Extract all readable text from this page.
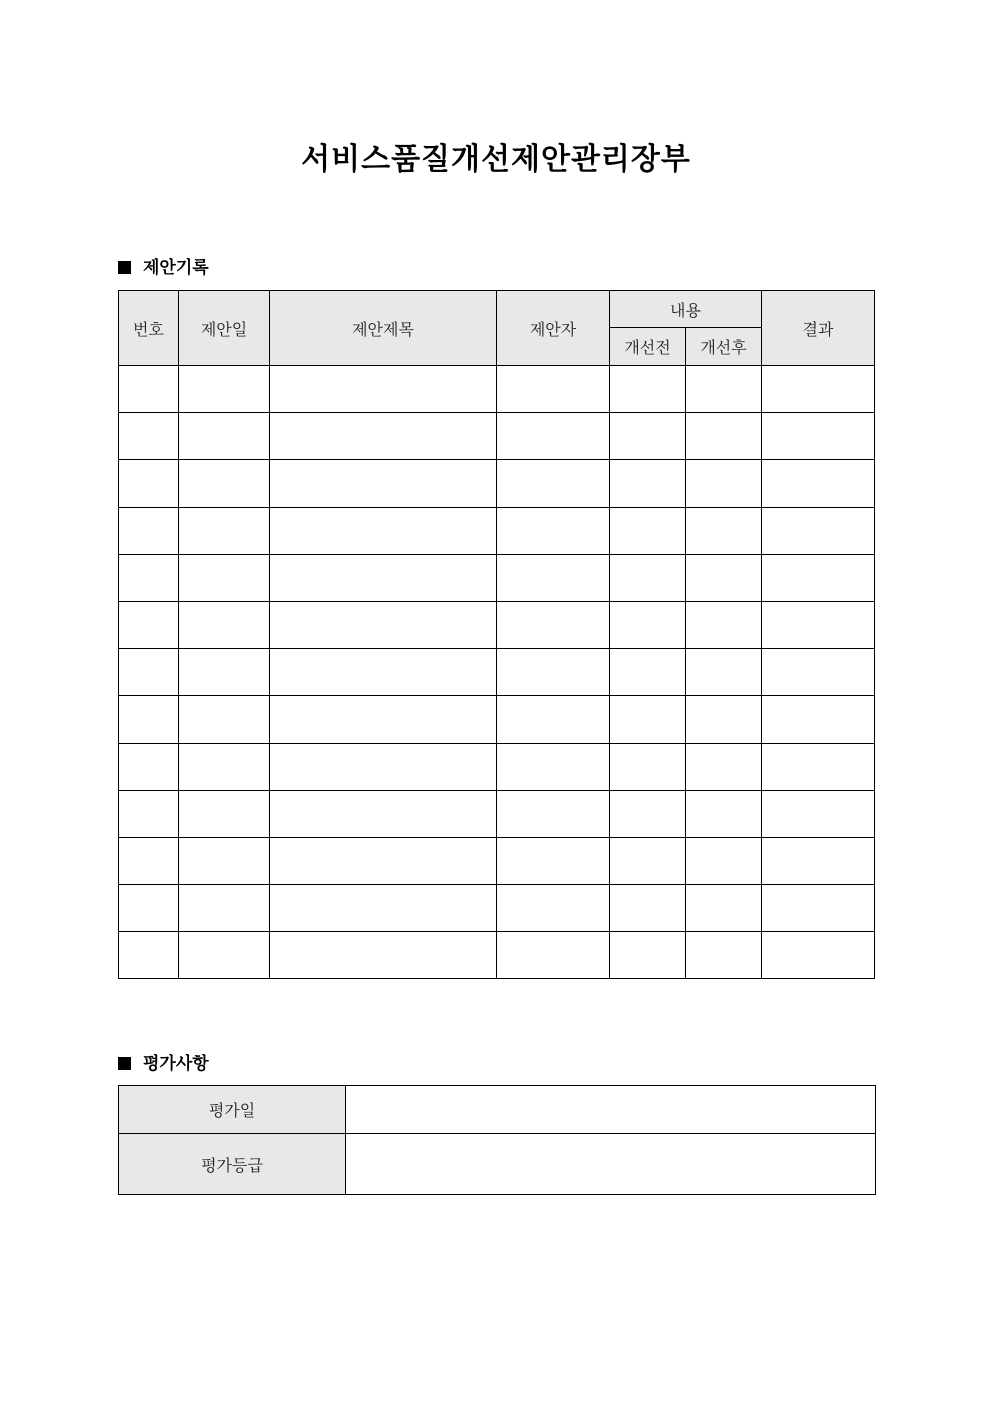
서비스품질개선제안관리장부
제안기록
번호	제안일	제안제목	제안자	내용		결과
				개선전	개선후	

평가사항
평가일	
평가등급	
